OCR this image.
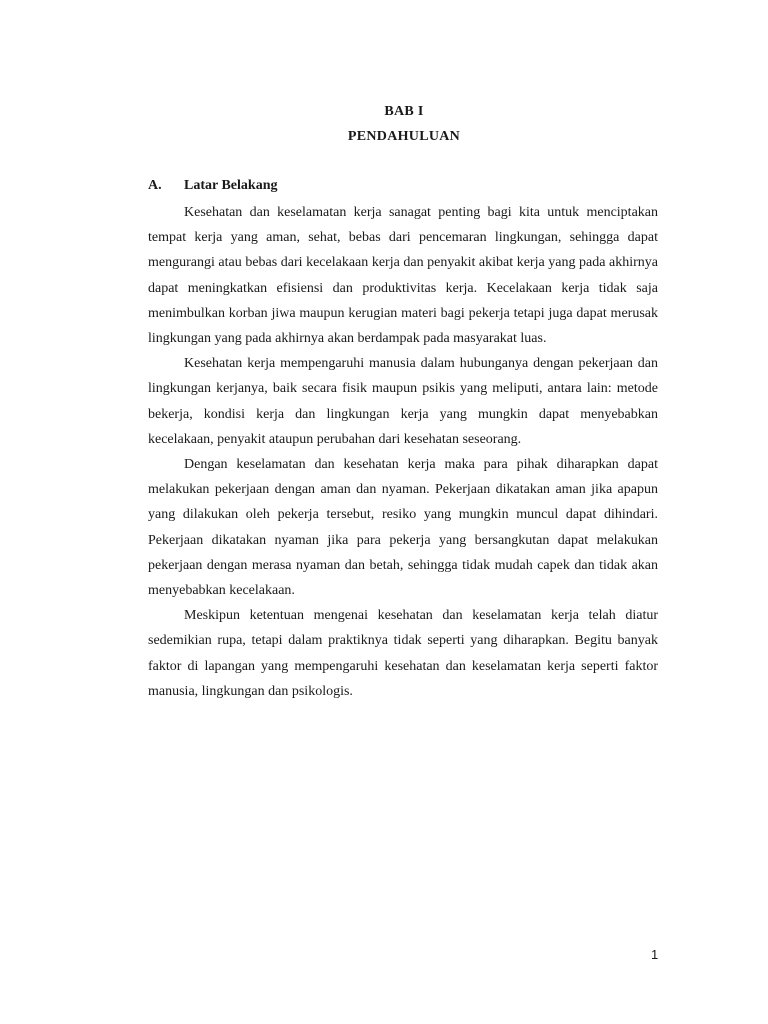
BAB I
PENDAHULUAN
A. Latar Belakang

Kesehatan dan keselamatan kerja sanagat penting bagi kita untuk menciptakan tempat kerja yang aman, sehat, bebas dari pencemaran lingkungan, sehingga dapat mengurangi atau bebas dari kecelakaan kerja dan penyakit akibat kerja yang pada akhirnya dapat meningkatkan efisiensi dan produktivitas kerja. Kecelakaan kerja tidak saja menimbulkan korban jiwa maupun kerugian materi bagi pekerja tetapi juga dapat merusak lingkungan yang pada akhirnya akan berdampak pada masyarakat luas.

Kesehatan kerja mempengaruhi manusia dalam hubunganya dengan pekerjaan dan lingkungan kerjanya, baik secara fisik maupun psikis yang meliputi, antara lain: metode bekerja, kondisi kerja dan lingkungan kerja yang mungkin dapat menyebabkan kecelakaan, penyakit ataupun perubahan dari kesehatan seseorang.

Dengan keselamatan dan kesehatan kerja maka para pihak diharapkan dapat melakukan pekerjaan dengan aman dan nyaman. Pekerjaan dikatakan aman jika apapun yang dilakukan oleh pekerja tersebut, resiko yang mungkin muncul dapat dihindari. Pekerjaan dikatakan nyaman jika para pekerja yang bersangkutan dapat melakukan pekerjaan dengan merasa nyaman dan betah, sehingga tidak mudah capek dan tidak akan menyebabkan kecelakaan.

Meskipun ketentuan mengenai kesehatan dan keselamatan kerja telah diatur sedemikian rupa, tetapi dalam praktiknya tidak seperti yang diharapkan. Begitu banyak faktor di lapangan yang mempengaruhi kesehatan dan keselamatan kerja seperti faktor manusia, lingkungan dan psikologis.

1
